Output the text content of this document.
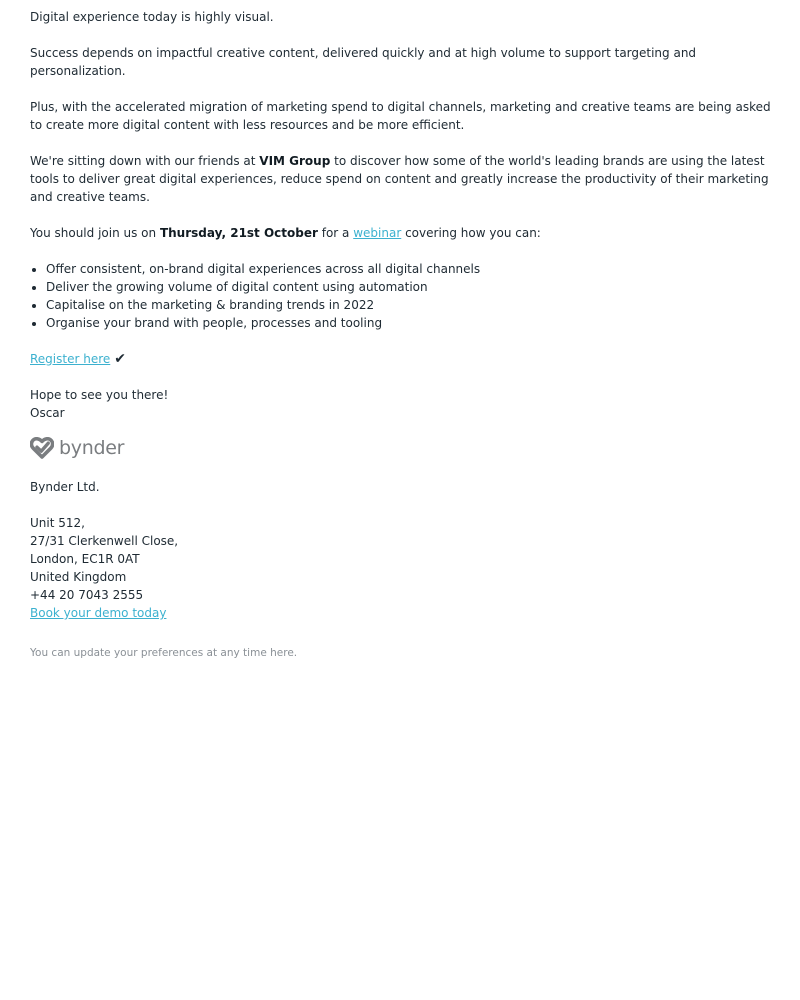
Digital experience today is highly visual.

Success depends on impactful creative content, delivered quickly and at high volume to support targeting and personalization.

Plus, with the accelerated migration of marketing spend to digital channels, marketing and creative teams are being asked to create more digital content with less resources and be more efficient.

We're sitting down with our friends at VIM Group to discover how some of the world's leading brands are using the latest tools to deliver great digital experiences, reduce spend on content and greatly increase the productivity of their marketing and creative teams.

You should join us on Thursday, 21st October for a webinar covering how you can:

• Offer consistent, on-brand digital experiences across all digital channels
• Deliver the growing volume of digital content using automation
• Capitalise on the marketing & branding trends in 2022
• Organise your brand with people, processes and tooling

Register here ✔

Hope to see you there!
Oscar
bynder

Bynder Ltd.

Unit 512,
27/31 Clerkenwell Close,
London, EC1R 0AT
United Kingdom
+44 20 7043 2555
Book your demo today
You can update your preferences at any time here.
